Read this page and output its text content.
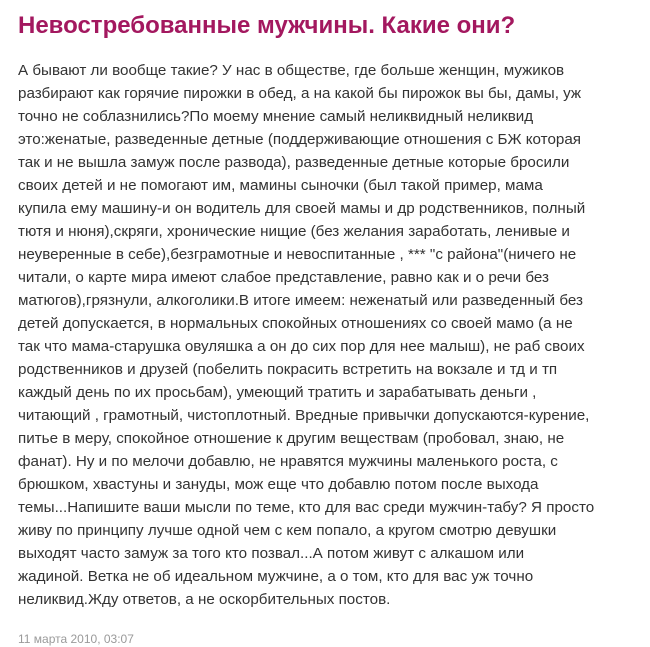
Невостребованные мужчины. Какие они?
А бывают ли вообще такие? У нас в обществе, где больше женщин, мужиков
разбирают как горячие пирожки в обед, а на какой бы пирожок вы бы, дамы, уж
точно не соблазнились?По моему мнение самый неликвидный неликвид
это:женатые, разведенные детные (поддерживающие отношения с БЖ которая
так и не вышла замуж после развода), разведенные детные которые бросили
своих детей и не помогают им, мамины сыночки (был такой пример, мама
купила ему машину-и он водитель для своей мамы и др родственников, полный
тютя и нюня),скряги, хронические нищие (без желания заработать, ленивые и
неуверенные в себе),безграмотные и невоспитанные , *** "с района"(ничего не
читали, о карте мира имеют слабое представление, равно как и о речи без
матюгов),грязнули, алкоголики.В итоге имеем: неженатый или разведенный без
детей допускается, в нормальных спокойных отношениях со своей мамо (а не
так что мама-старушка овуляшка а он до сих пор для нее малыш), не раб своих
родственников и друзей (побелить покрасить встретить на вокзале и тд и тп
каждый день по их просьбам), умеющий тратить и зарабатывать деньги ,
читающий , грамотный, чистоплотный. Вредные привычки допускаются-курение,
питье в меру, спокойное отношение к другим веществам (пробовал, знаю, не
фанат). Ну и по мелочи добавлю, не нравятся мужчины маленького роста, с
брюшком, хвастуны и зануды, мож еще что добавлю потом после выхода
темы...Напишите ваши мысли по теме, кто для вас среди мужчин-табу? Я просто
живу по принципу лучше одной чем с кем попало, а кругом смотрю девушки
выходят часто замуж за того кто позвал...А потом живут с алкашом или
жадиной. Ветка не об идеальном мужчине, а о том, кто для вас уж точно
неликвид.Жду ответов, а не оскорбительных постов.
11 марта 2010, 03:07
